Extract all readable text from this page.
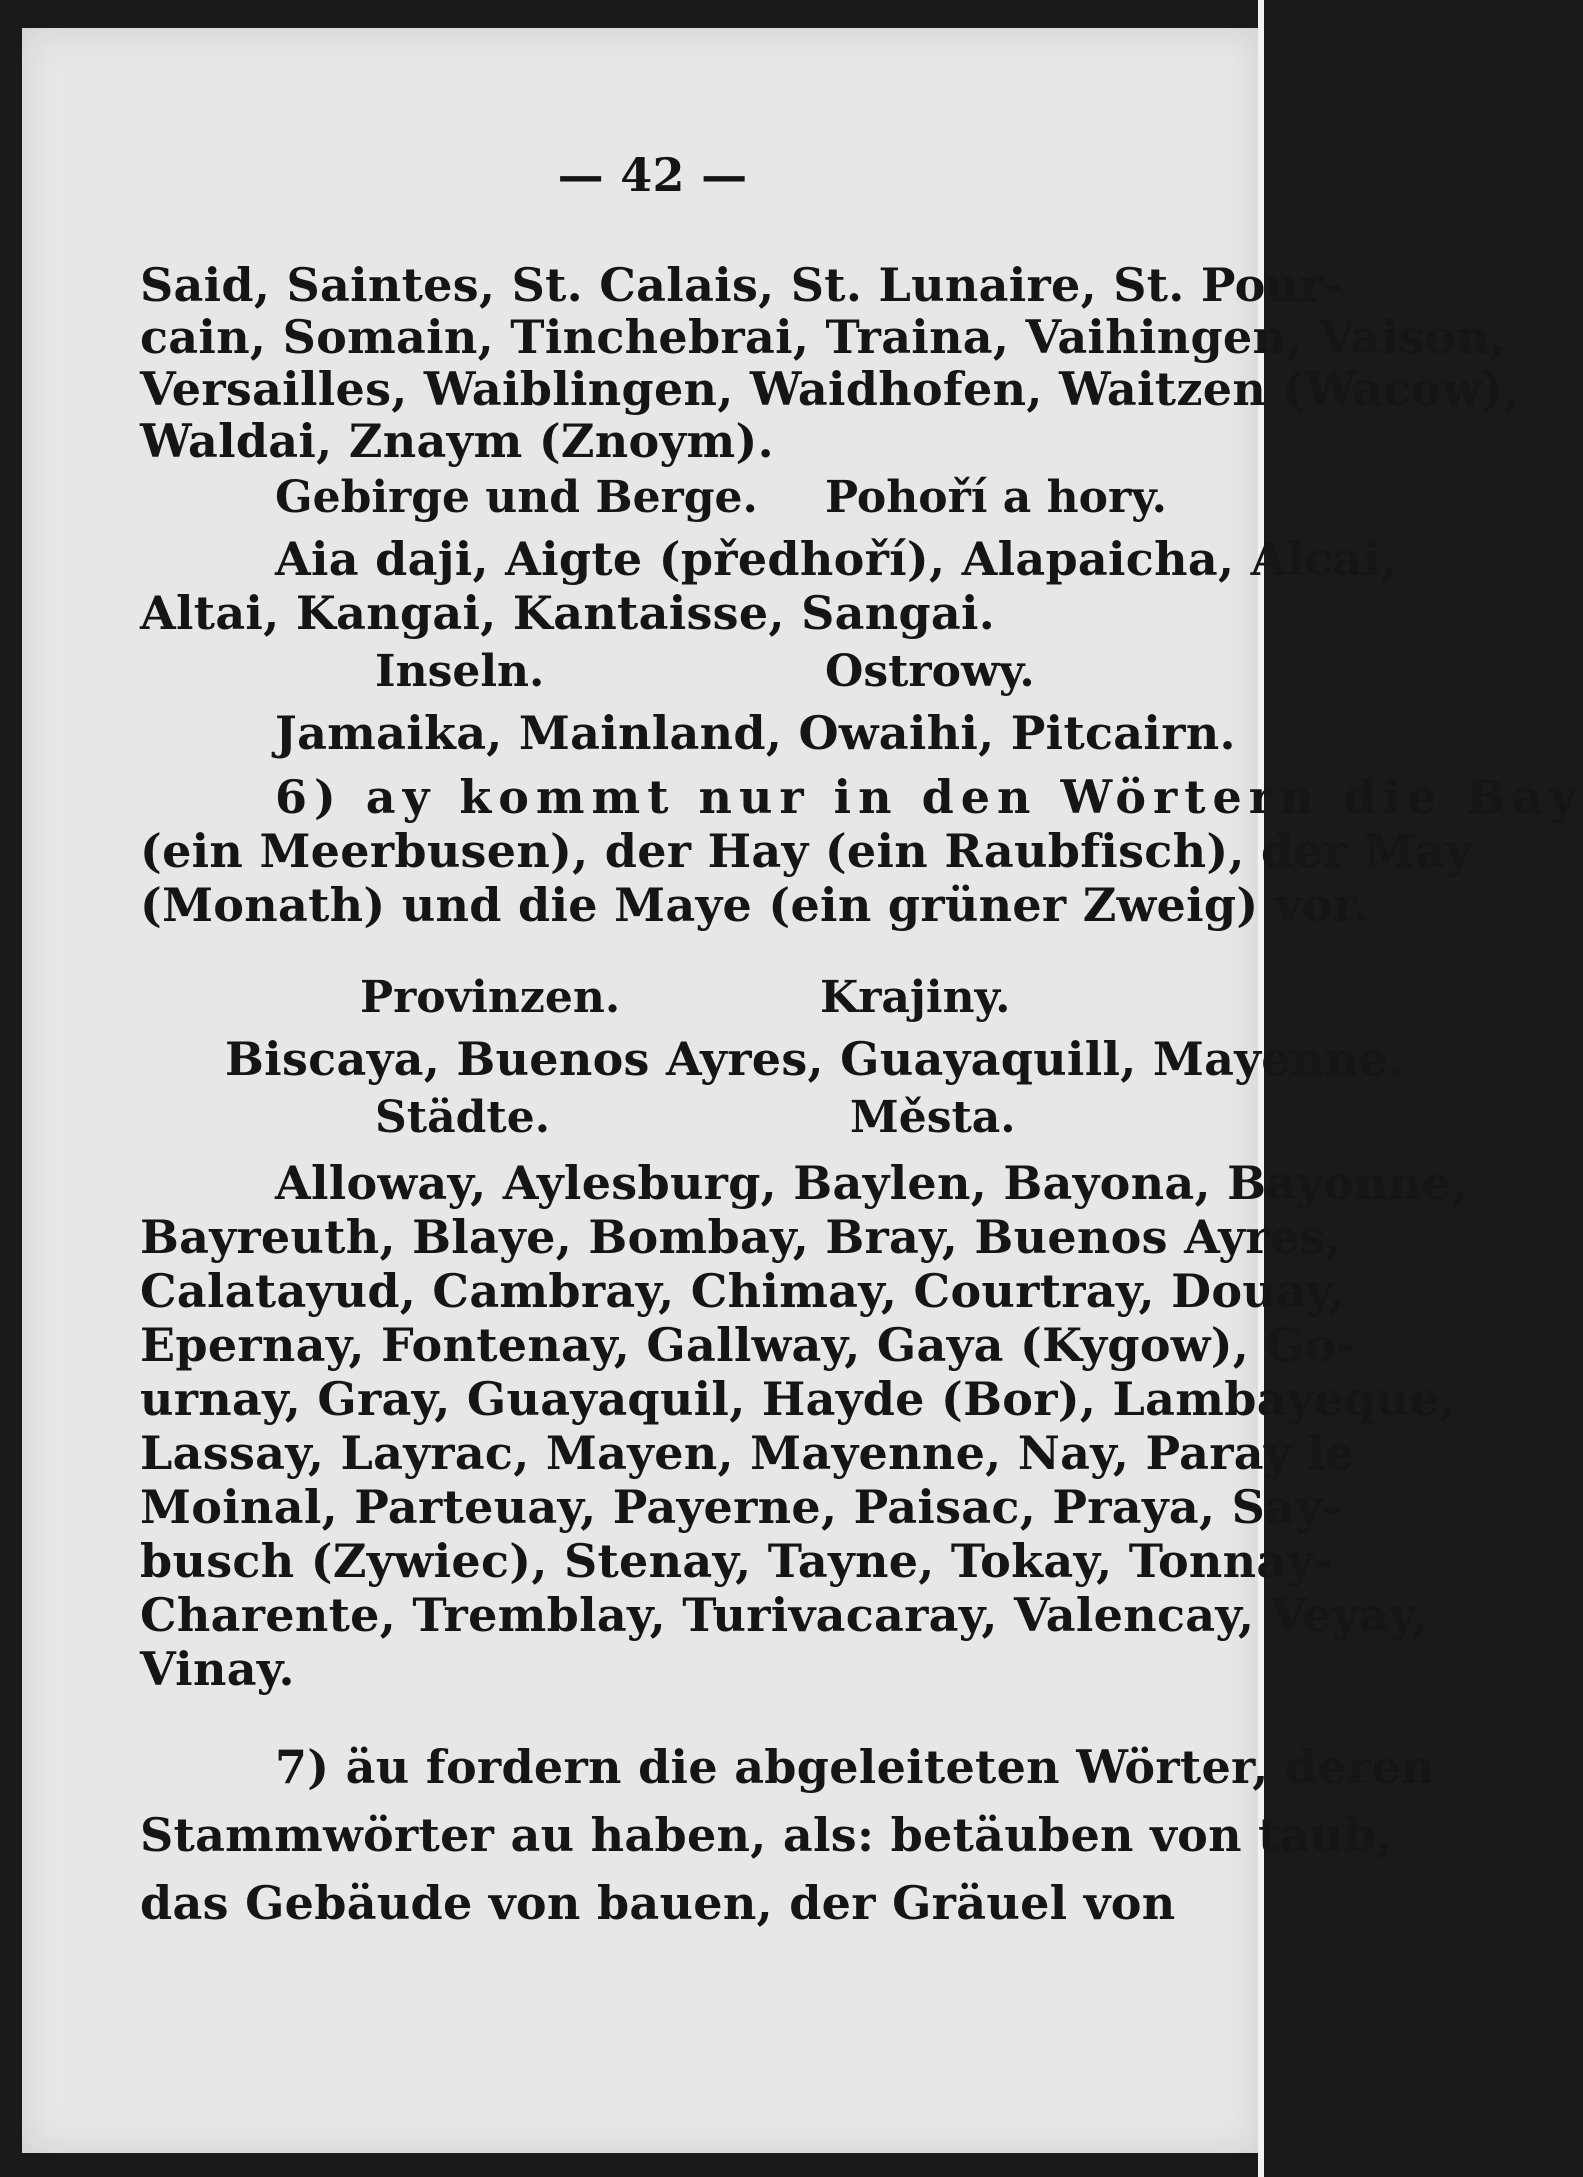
— 42 —
Said, Saintes, St. Calais, St. Lunaire, St. Pour-
cain, Somain, Tinchebrai, Traina, Vaihingen, Vaison,
Versailles, Waiblingen, Waidhofen, Waitzen (Wacow),
Waldai, Znaym (Znoym).
Gebirge und Berge. Pohoří a hory.
Aia daji, Aigte (předhoří), Alapaicha, Alcai,
Altai, Kangai, Kantaisse, Sangai.
Inseln.	Ostrowy.
Jamaika, Mainland, Owaihi, Pitcairn.
6) ay kommt nur in den Wörtern die Bay
(ein Meerbusen), der Hay (ein Raubfisch), der May
(Monath) und die Maye (ein grüner Zweig) vor.
Provinzen.	Krajiny.
Biscaya, Buenos Ayres, Guayaquill, Mayenne.
Städte.	Města.
Alloway, Aylesburg, Baylen, Bayona, Bayonne,
Bayreuth, Blaye, Bombay, Bray, Buenos Ayres,
Calatayud, Cambray, Chimay, Courtray, Douay,
Epernay, Fontenay, Gallway, Gaya (Kygow), Go-
urnay, Gray, Guayaquil, Hayde (Bor), Lambayeque,
Lassay, Layrac, Mayen, Mayenne, Nay, Paray le
Moinal, Parteuay, Payerne, Paisac, Praya, Say-
busch (Zywiec), Stenay, Tayne, Tokay, Tonnay-
Charente, Tremblay, Turivacaray, Valencay, Veyay,
Vinay.
7) äu fordern die abgeleiteten Wörter, deren
Stammwörter au haben, als: betäuben von taub,
das Gebäude von bauen, der Gräuel von
